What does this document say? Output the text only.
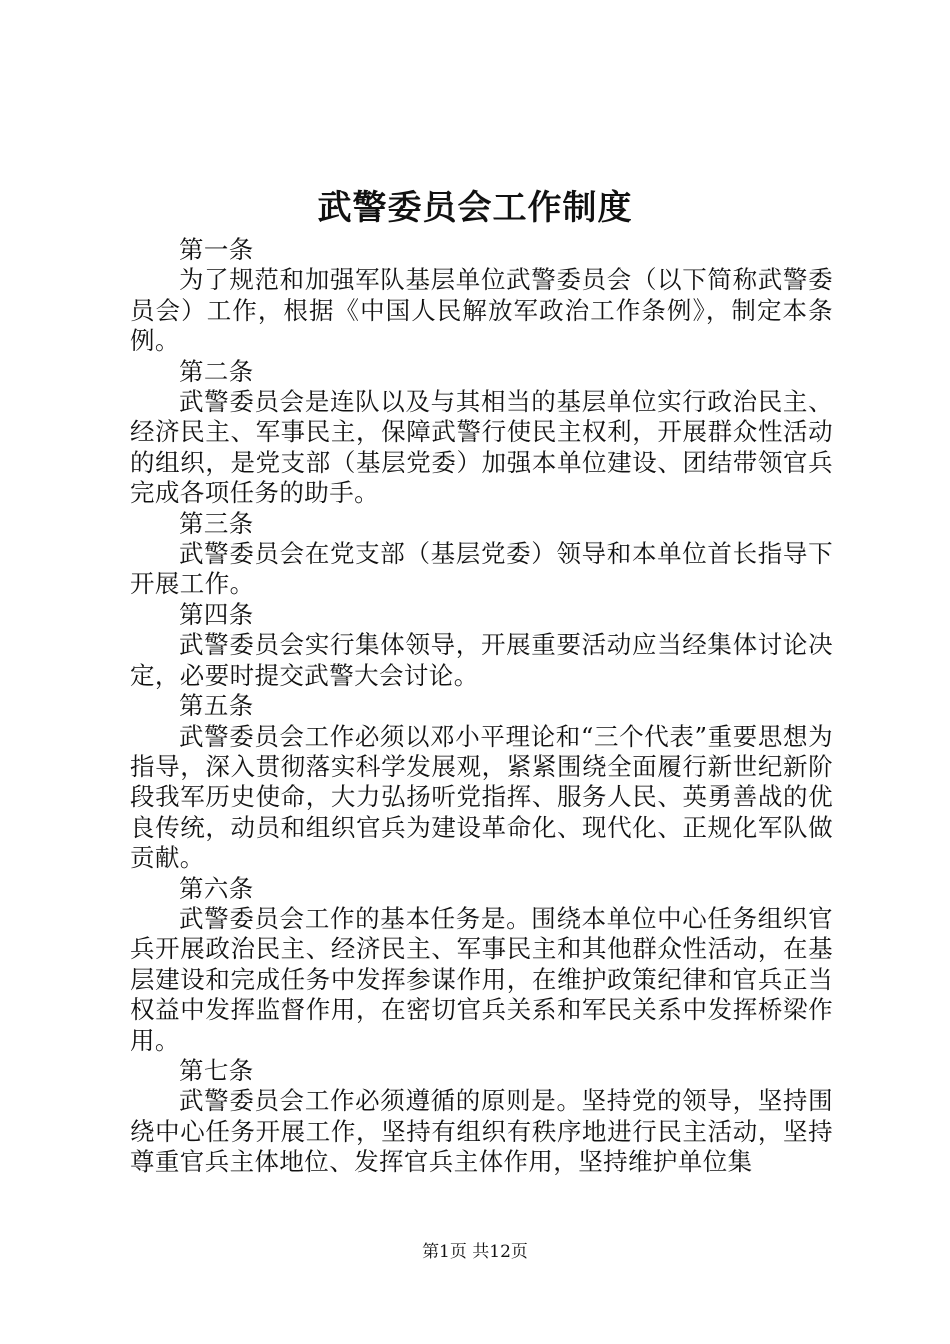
武警委员会工作制度

第一条

为了规范和加强军队基层单位武警委员会（以下简称武警委员会）工作，根据《中国人民解放军政治工作条例》，制定本条例。

第二条

武警委员会是连队以及与其相当的基层单位实行政治民主、经济民主、军事民主，保障武警行使民主权利，开展群众性活动的组织，是党支部（基层党委）加强本单位建设、团结带领官兵完成各项任务的助手。

第三条

武警委员会在党支部（基层党委）领导和本单位首长指导下开展工作。

第四条

武警委员会实行集体领导，开展重要活动应当经集体讨论决定，必要时提交武警大会讨论。

第五条

武警委员会工作必须以邓小平理论和“三个代表”重要思想为指导，深入贯彻落实科学发展观，紧紧围绕全面履行新世纪新阶段我军历史使命，大力弘扬听党指挥、服务人民、英勇善战的优良传统，动员和组织官兵为建设革命化、现代化、正规化军队做贡献。

第六条

武警委员会工作的基本任务是。围绕本单位中心任务组织官兵开展政治民主、经济民主、军事民主和其他群众性活动，在基层建设和完成任务中发挥参谋作用，在维护政策纪律和官兵正当权益中发挥监督作用，在密切官兵关系和军民关系中发挥桥梁作用。

第七条

武警委员会工作必须遵循的原则是。坚持党的领导，坚持围绕中心任务开展工作，坚持有组织有秩序地进行民主活动，坚持尊重官兵主体地位、发挥官兵主体作用，坚持维护单位集

第1页 共12页
